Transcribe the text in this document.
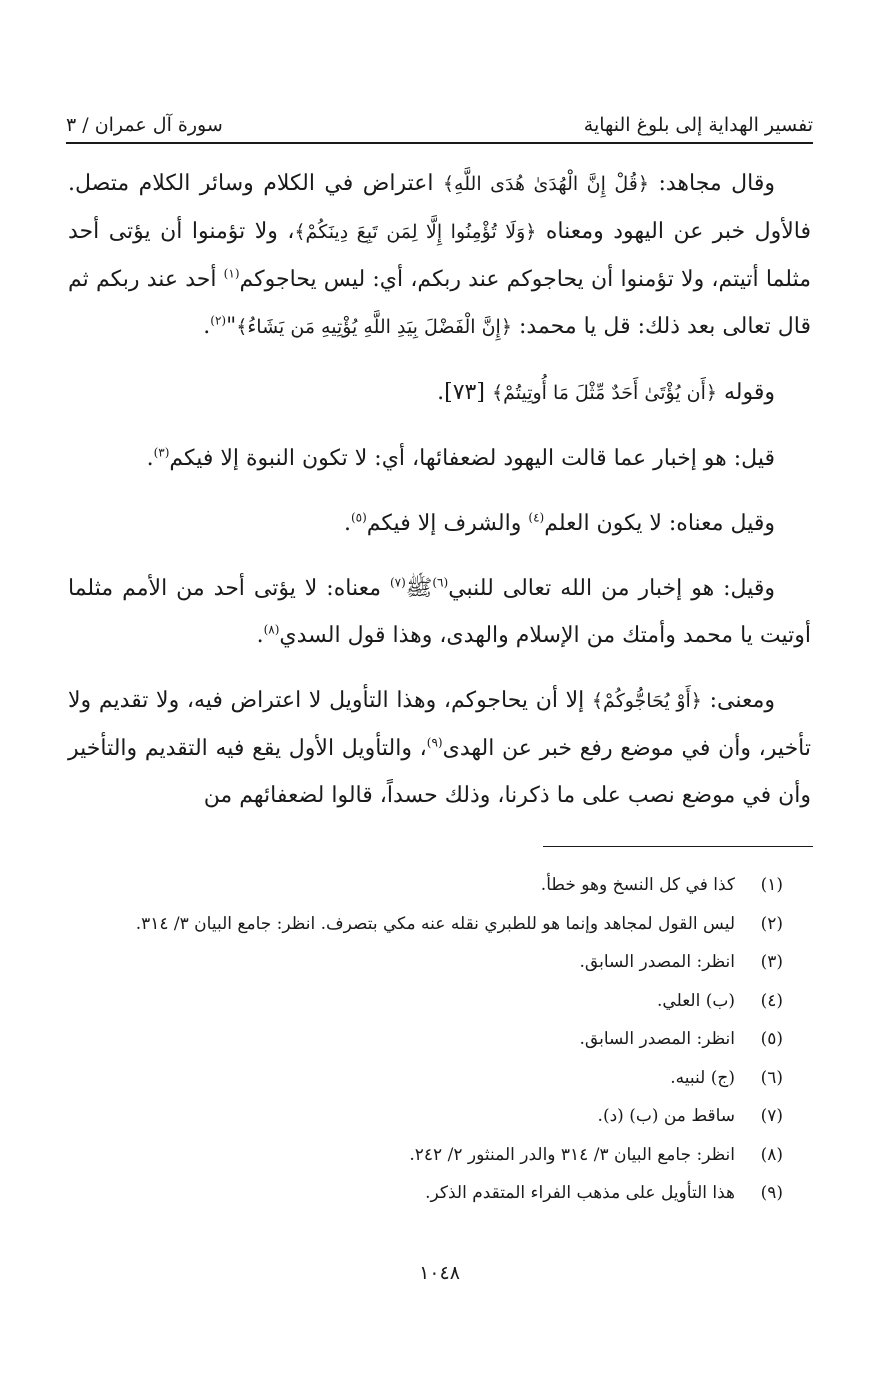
تفسير الهداية إلى بلوغ النهاية
سورة آل عمران / ٣

وقال مجاهد: ﴿قُلْ إِنَّ الْهُدَىٰ هُدَى اللَّهِ﴾ اعتراض في الكلام وسائر الكلام متصل. فالأول خبر عن اليهود ومعناه ﴿وَلَا تُؤْمِنُوا إِلَّا لِمَن تَبِعَ دِينَكُمْ﴾، ولا تؤمنوا أن يؤتى أحد مثلما أتيتم، ولا تؤمنوا أن يحاجوكم عند ربكم، أي: ليس يحاجوكم$^{(١)}$ أحد عند ربكم ثم قال تعالى بعد ذلك: قل يا محمد: ﴿إِنَّ الْفَضْلَ بِيَدِ اللَّهِ يُؤْتِيهِ مَن يَشَاءُ﴾"$^{(٢)}$.

وقوله ﴿أَن يُؤْتَىٰ أَحَدٌ مِّثْلَ مَا أُوتِيتُمْ﴾ [٧٣].

قيل: هو إخبار عما قالت اليهود لضعفائها، أي: لا تكون النبوة إلا فيكم$^{(٣)}$.

وقيل معناه: لا يكون العلم$^{(٤)}$ والشرف إلا فيكم$^{(٥)}$.

وقيل: هو إخبار من الله تعالى للنبي$^{(٦)}$ﷺ$^{(٧)}$ معناه: لا يؤتى أحد من الأمم مثلما أوتيت يا محمد وأمتك من الإسلام والهدى، وهذا قول السدي$^{(٨)}$.

ومعنى: ﴿أَوْ يُحَاجُّوكُمْ﴾ إلا أن يحاجوكم، وهذا التأويل لا اعتراض فيه، ولا تقديم ولا تأخير، وأن في موضع رفع خبر عن الهدى$^{(٩)}$، والتأويل الأول يقع فيه التقديم والتأخير وأن في موضع نصب على ما ذكرنا، وذلك حسداً، قالوا لضعفائهم من

(١)
كذا في كل النسخ وهو خطأ.
(٢)
ليس القول لمجاهد وإنما هو للطبري نقله عنه مكي بتصرف. انظر: جامع البيان ٣/ ٣١٤.
(٣)
انظر: المصدر السابق.
(٤)
(ب) العلي.
(٥)
انظر: المصدر السابق.
(٦)
(ج) لنبيه.
(٧)
ساقط من (ب) (د).
(٨)
انظر: جامع البيان ٣/ ٣١٤ والدر المنثور ٢/ ٢٤٢.
(٩)
هذا التأويل على مذهب الفراء المتقدم الذكر.
١٠٤٨
